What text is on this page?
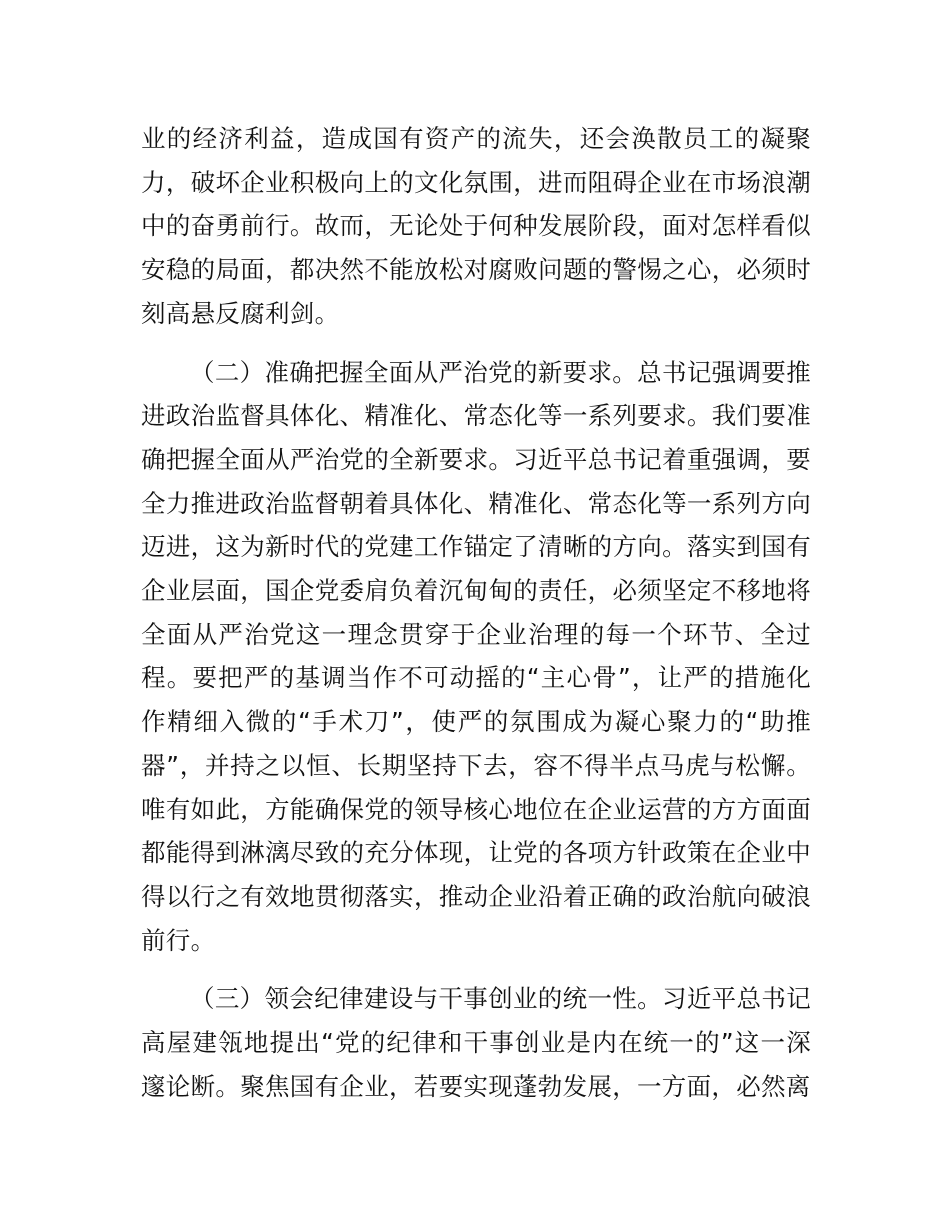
业的经济利益，造成国有资产的流失，还会涣散员工的凝聚力，破坏企业积极向上的文化氛围，进而阻碍企业在市场浪潮中的奋勇前行。故而，无论处于何种发展阶段，面对怎样看似安稳的局面，都决然不能放松对腐败问题的警惕之心，必须时刻高悬反腐利剑。

（二）准确把握全面从严治党的新要求。总书记强调要推进政治监督具体化、精准化、常态化等一系列要求。我们要准确把握全面从严治党的全新要求。习近平总书记着重强调，要全力推进政治监督朝着具体化、精准化、常态化等一系列方向迈进，这为新时代的党建工作锚定了清晰的方向。落实到国有企业层面，国企党委肩负着沉甸甸的责任，必须坚定不移地将全面从严治党这一理念贯穿于企业治理的每一个环节、全过程。要把严的基调当作不可动摇的“主心骨”，让严的措施化作精细入微的“手术刀”，使严的氛围成为凝心聚力的“助推器”，并持之以恒、长期坚持下去，容不得半点马虎与松懈。唯有如此，方能确保党的领导核心地位在企业运营的方方面面都能得到淋漓尽致的充分体现，让党的各项方针政策在企业中得以行之有效地贯彻落实，推动企业沿着正确的政治航向破浪前行。

（三）领会纪律建设与干事创业的统一性。习近平总书记高屋建瓴地提出“党的纪律和干事创业是内在统一的”这一深邃论断。聚焦国有企业，若要实现蓬勃发展，一方面，必然离
